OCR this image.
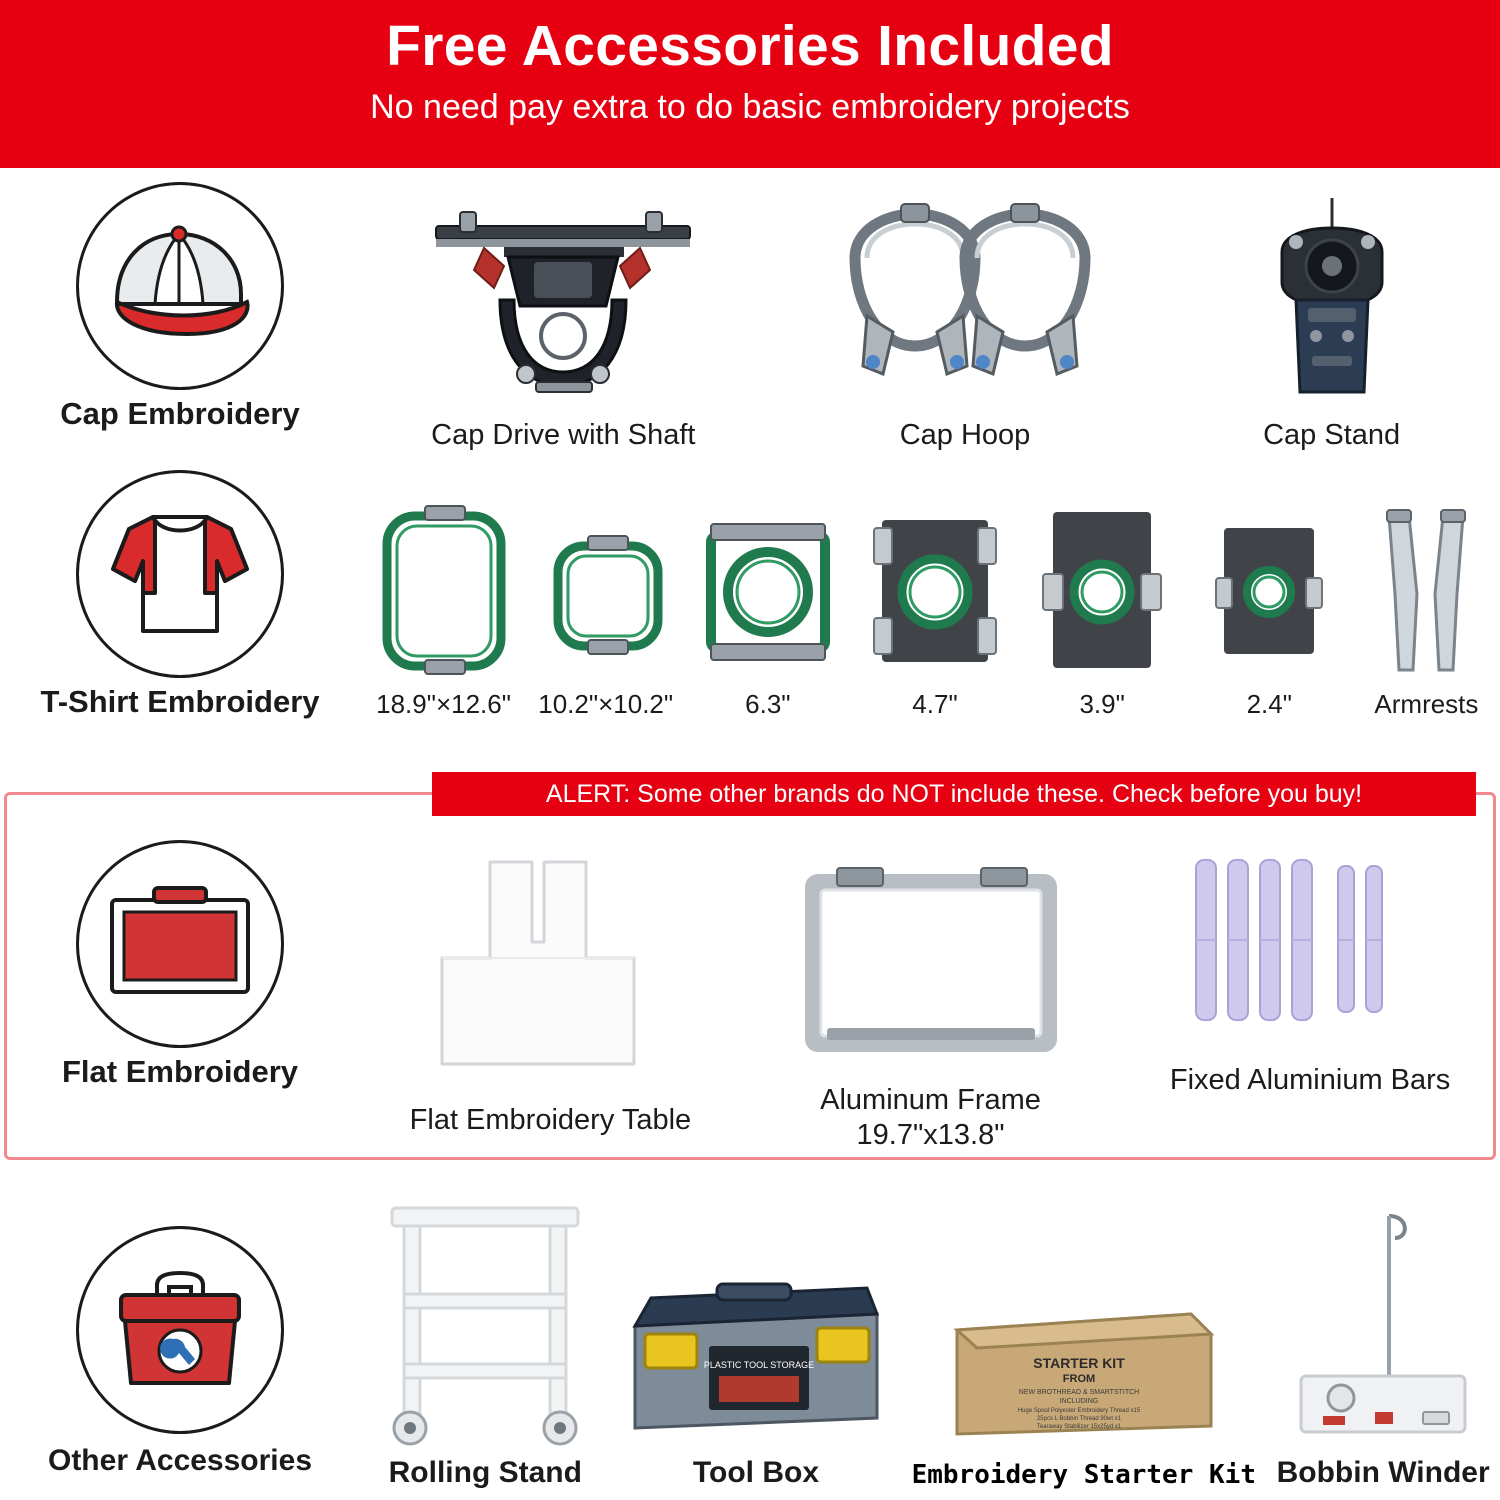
Free Accessories Included
No need pay extra to do basic embroidery projects
Cap Embroidery
Cap Drive with Shaft	Cap Hoop	Cap Stand
T-Shirt Embroidery 18.9"×12.6" 10.2"×10.2"	6.3"	4.7"	3.9"	2.4"	Armrests
ALERT: Some other brands do NOT include these. Check before you buy!
Flat Embroidery
Flat Embroidery Table
Aluminum Frame
19.7"x13.8"
Fixed Aluminium Bars
Other Accessories	Rolling Stand
PLASTIC TOOL STORAGE
Tool Box
STARTER KIT
FROM
NEW BROTHREAD & SMARTSTITCH
INCLUDING
Huge Spool Polyester Embroidery Thread x15
25pcs L Bobbin Thread 90wt x1
Tearaway Stabilizer 15x25yd x1
Embroidery Starter Kit Bobbin Winder
